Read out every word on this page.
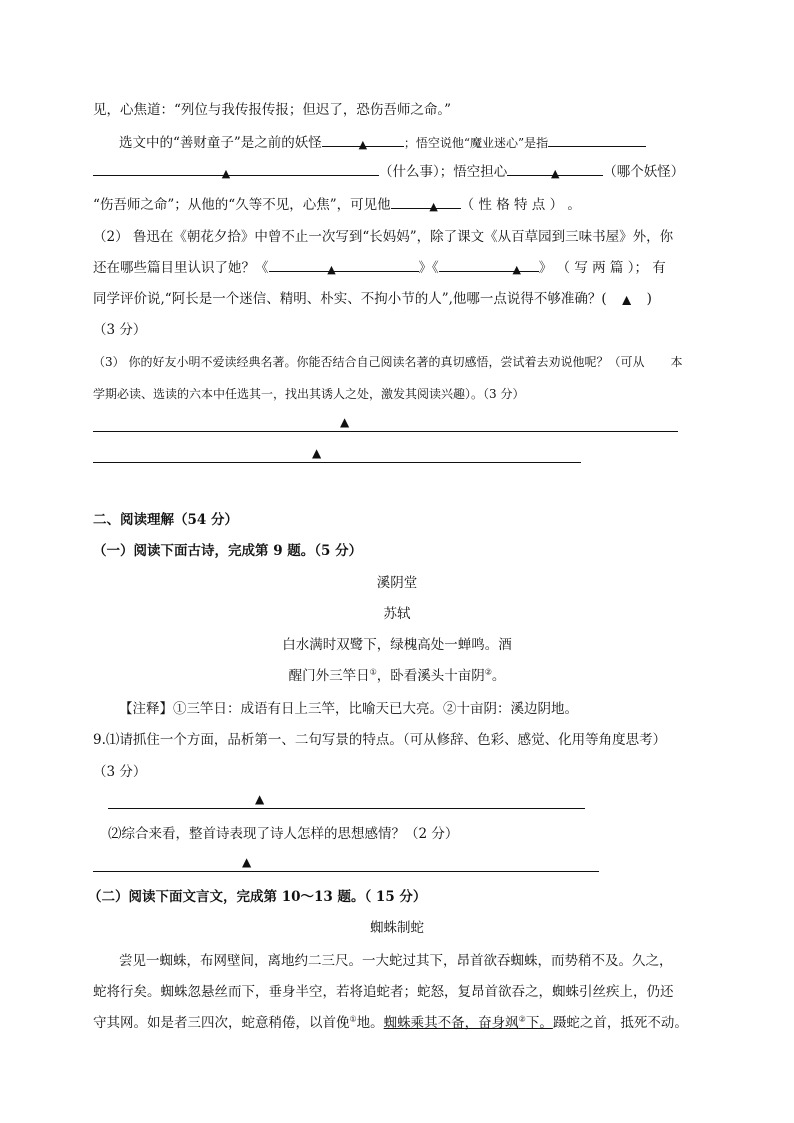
见，心焦道：“列位与我传报传报；但迟了，恐伤吾师之命。”
选文中的“善财童子”是之前的妖怪	▲	；悟空说他“魔业迷心”是指
▲	（什么事）；悟空担心	▲	（哪个妖怪）
“伤吾师之命”；从他的“久等不见，心焦”，可见他	▲ （ 性 格 特 点 ） 。
（2） 鲁迅在《朝花夕拾》中曾不止一次写到“长妈妈”，除了课文《从百草园到三味书屋》外，你
还在哪些篇目里认识了她？《	▲	》《	▲ 》 （ 写 两 篇 ）； 有
同学评价说,“阿长是一个迷信、精明、朴实、不拘小节的人”,他哪一点说得不够准确？( ▲ )
（3 分）
（3） 你的好友小明不爱读经典名著。你能否结合自己阅读名著的真切感悟，尝试着去劝说他呢？（可从 本
学期必读、选读的六本中任选其一，找出其诱人之处，激发其阅读兴趣）。（3 分）
▲
▲
二、阅读理解（54 分）
（一）阅读下面古诗，完成第 9 题。（5 分）
溪阴堂
苏轼
白水满时双鹭下，绿槐高处一蝉鸣。酒
醒门外三竿日①，卧看溪头十亩阴②。
【注释】①三竿日：成语有日上三竿，比喻天已大亮。②十亩阴：溪边阴地。
9.⑴请抓住一个方面，品析第一、二句写景的特点。（可从修辞、色彩、感觉、化用等角度思考）
（3 分）
▲
⑵综合来看，整首诗表现了诗人怎样的思想感情？（2 分）
▲
（二）阅读下面文言文，完成第 10～13 题。（ 15 分）
蜘蛛制蛇
尝见一蜘蛛，布网壁间，离地约二三尺。一大蛇过其下，昂首欲吞蜘蛛，而势稍不及。久之，
蛇将行矣。蜘蛛忽悬丝而下，垂身半空，若将追蛇者；蛇怒，复昂首欲吞之，蜘蛛引丝疾上，仍还
守其网。如是者三四次，蛇意稍倦，以首俛①地。蜘蛛乘其不备，奋身飒②下。蹑蛇之首，抵死不动。
